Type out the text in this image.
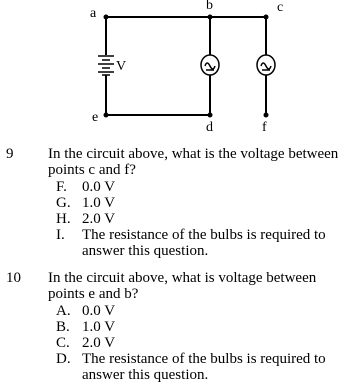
a
b	c
V
e
d	f
9 In the circuit above, what is the voltage between points c and f?
F. 0.0 V
G. 1.0 V
H. 2.0 V
I. The resistance of the bulbs is required to answer this question.
10 In the circuit above, what is voltage between points e and b?
A. 0.0 V
B. 1.0 V
C. 2.0 V
D. The resistance of the bulbs is required to answer this question.
